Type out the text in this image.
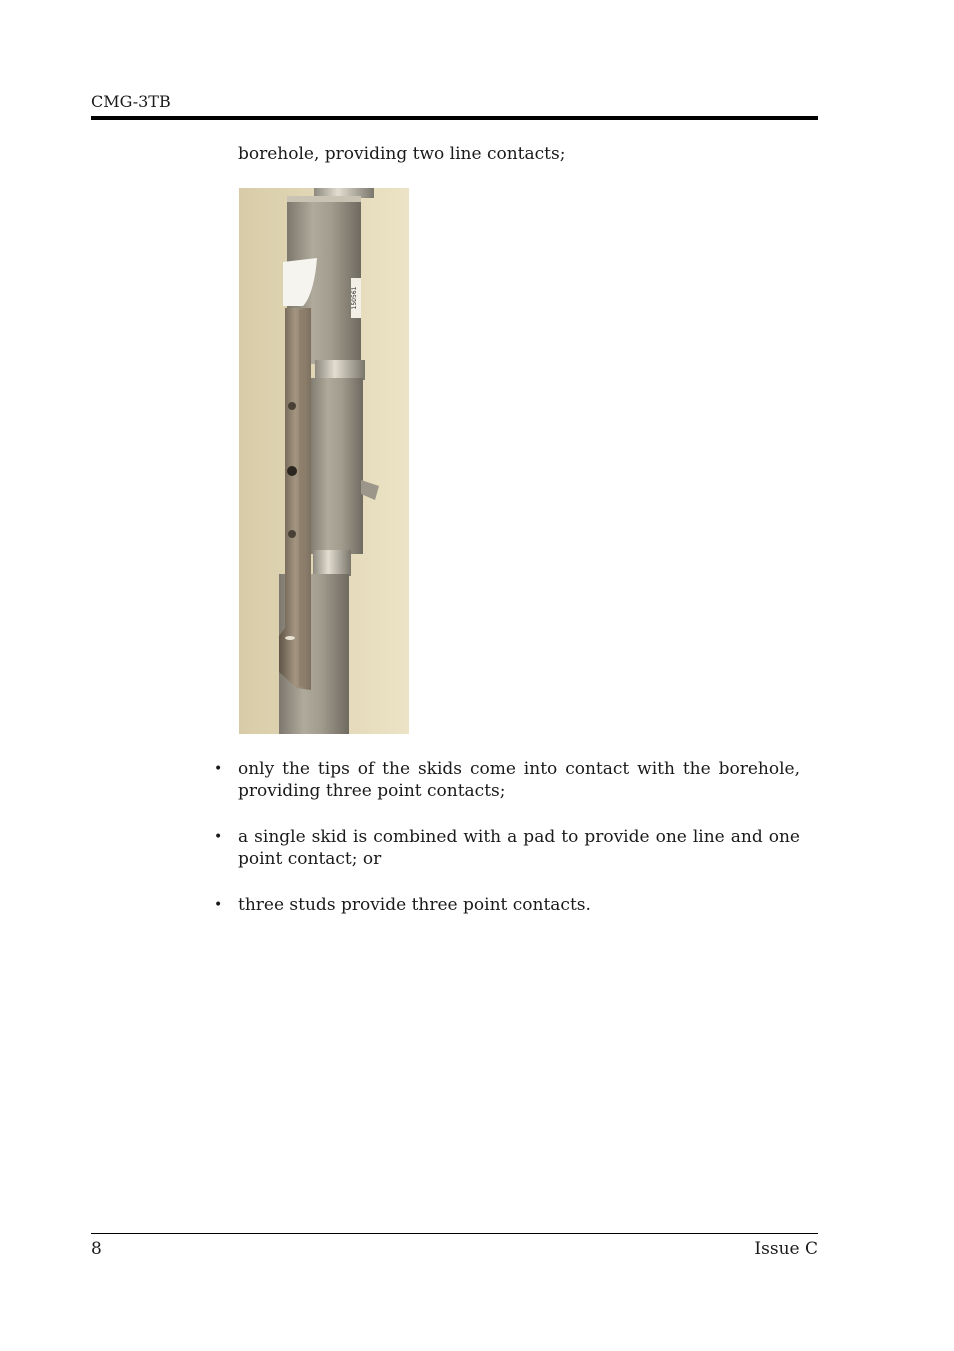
CMG-3TB
borehole, providing two line contacts;
150561
• only the tips of the skids come into contact with the borehole, providing three point contacts;
• a single skid is combined with a pad to provide one line and one point contact; or
• three studs provide three point contacts.
8	Issue C
